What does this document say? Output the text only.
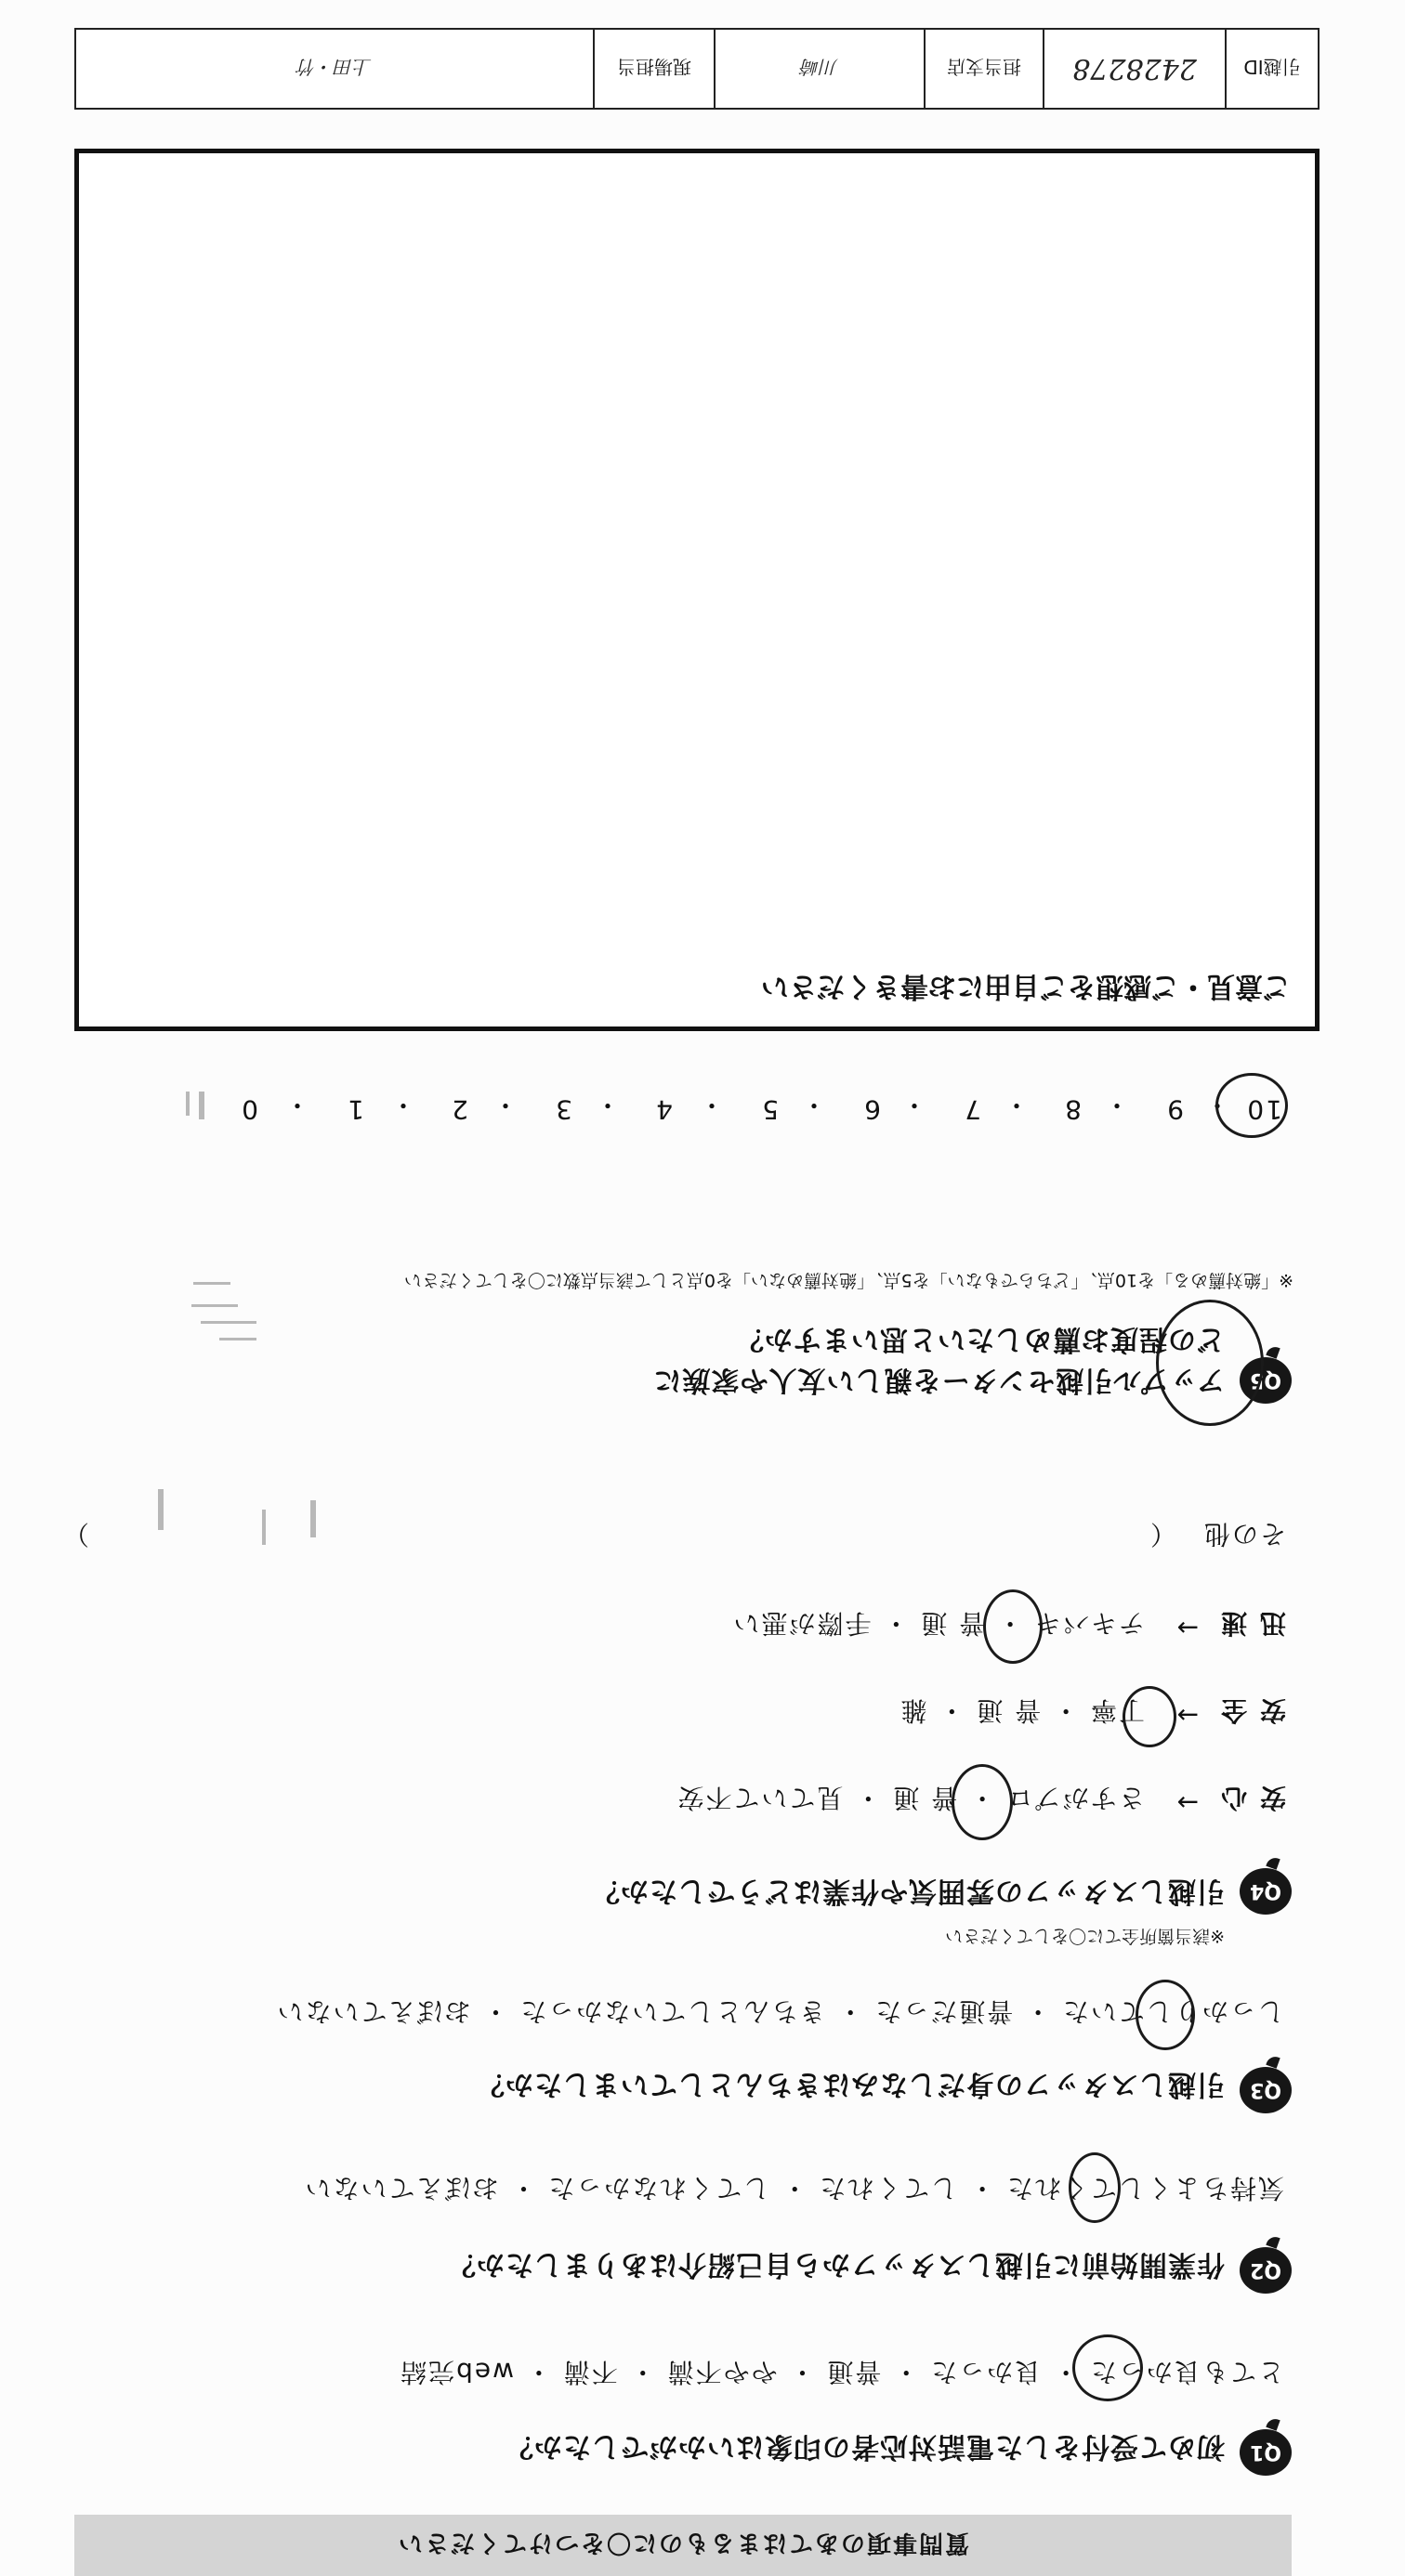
質問事項のあてはまるものに〇をつけてください
Q1
初めて受付をした電話対応者の印象はいかがでしたか？
とても良かった ・ 良かった ・ 普通 ・ やや不満 ・ 不満 ・ web完結
Q2
作業開始前に引越しスタッフから自己紹介はありましたか？
気持ちよくしてくれた ・ してくれた ・ してくれなかった ・ おぼえていない
Q3
引越しスタッフの身だしなみはきちんとしていましたか？
しっかりしていた ・ 普通だった ・ きちんとしていなかった ・ おぼえていない
Q4
引越しスタッフの雰囲気や作業はどうでしたか？
※該当箇所全てに〇をしてください
安 心
→
さすがプロ ・ 普 通 ・ 見ていて不安
安 全
→
丁寧 ・ 普 通 ・ 雑
迅 速
→
テキパキ ・ 普 通 ・ 手際が悪い
その他
（
）
Q5
アップル引越センターを親しい友人や家族に
どの程度お薦めしたいと思いますか？
※「絶対薦める」を10点、「どちらでもない」を5点、「絶対薦めない」を0点として該当点数に〇をしてください
10
・
9
・
8
・
7
・
6
・
5
・
4
・
3
・
2
・
1
・
0
ご意見・ご感想をご自由にお書きください
引越ID
2428278
担当支店
川崎
現場担当
上田・竹
